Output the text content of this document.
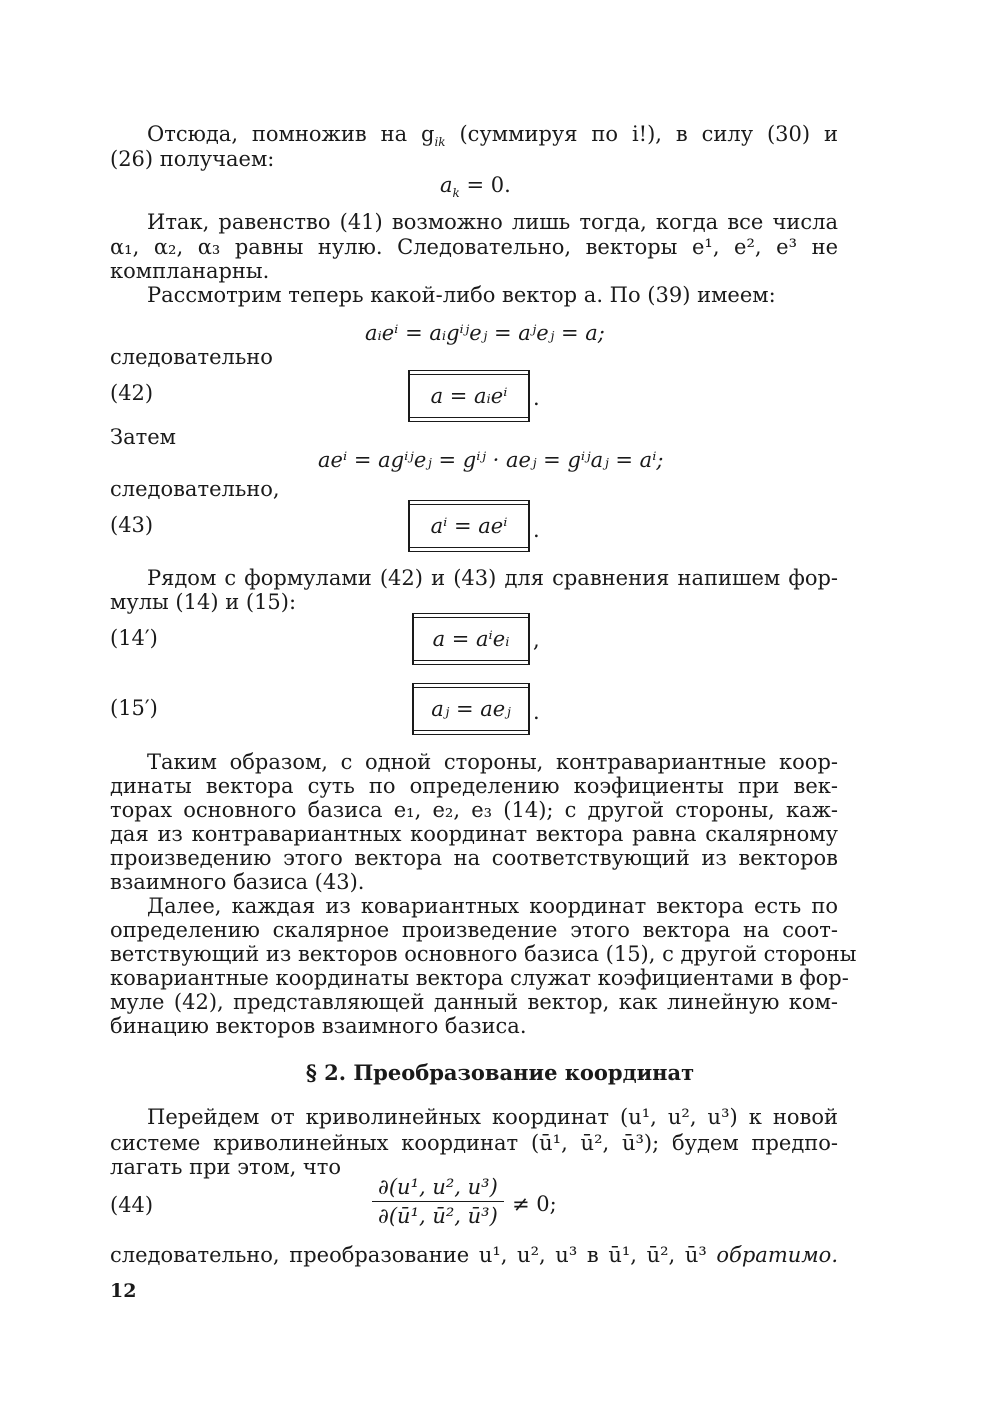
Отсюда, помножив на $g_{ik}$ (суммируя по i!), в силу (30) и
(26) получаем:
$a_k = 0$.
Итак, равенство (41) возможно лишь тогда, когда все числа
α₁, α₂, α₃ равны нулю. Следовательно, векторы e¹, e², e³ не
компланарны.
Рассмотрим теперь какой-либо вектор a. По (39) имеем:
aᵢeⁱ = aᵢgⁱʲeⱼ = aʲeⱼ = a;
следовательно
(42)	a = aᵢeⁱ	.
Затем
aeⁱ = agⁱʲeⱼ = gⁱʲ · aeⱼ = gⁱʲaⱼ = aⁱ;
следовательно,
(43)	aⁱ = aeⁱ	.
Рядом с формулами (42) и (43) для сравнения напишем фор-
мулы (14) и (15):
(14′)	a = aⁱeᵢ	,
(15′)	aⱼ = aeⱼ	.
Таким образом, с одной стороны, контравариантные коор-
динаты вектора суть по определению коэфициенты при век-
торах основного базиса e₁, e₂, e₃ (14); с другой стороны, каж-
дая из контравариантных координат вектора равна скалярному
произведению этого вектора на соответствующий из векторов
взаимного базиса (43).
Далее, каждая из ковариантных координат вектора есть по
определению скалярное произведение этого вектора на соот-
ветствующий из векторов основного базиса (15), с другой стороны
ковариантные координаты вектора служат коэфициентами в фор-
муле (42), представляющей данный вектор, как линейную ком-
бинацию векторов взаимного базиса.
§ 2. Преобразование координат
Перейдем от криволинейных координат (u¹, u², u³) к новой
системе криволинейных координат (ū¹, ū², ū³); будем предпо-
лагать при этом, что
(44)	$\frac{\text{∂(u¹, u², u³)}}{\text{∂(ū¹, ū², ū³)}} \ne 0$;
следовательно, преобразование u¹, u², u³ в ū¹, ū², ū³ обратимо.
12
